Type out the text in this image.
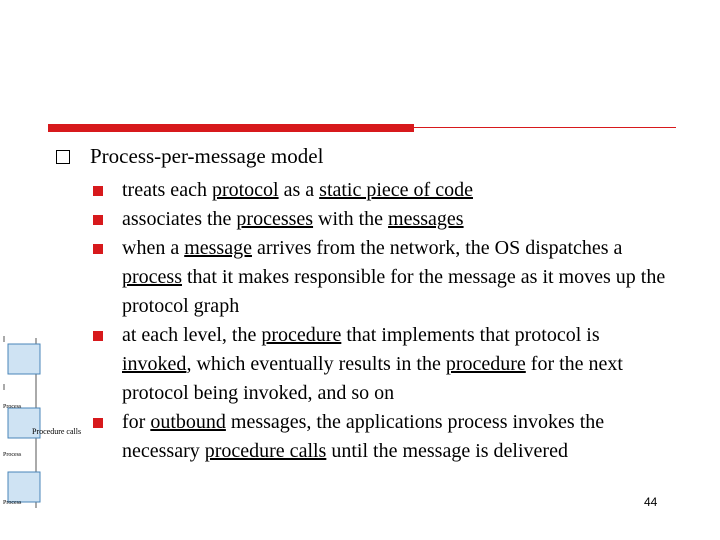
Process-per-message model
treats each protocol as a static piece of code
associates the processes with the messages
when a message arrives from the network, the OS dispatches a process that it makes responsible for the message as it moves up the protocol graph
at each level, the procedure that implements that protocol is invoked, which eventually results in the procedure for the next protocol being invoked, and so on
for outbound messages, the applications process invokes the necessary procedure calls until the message is delivered
Process
Procedure calls
Process
Process	44
